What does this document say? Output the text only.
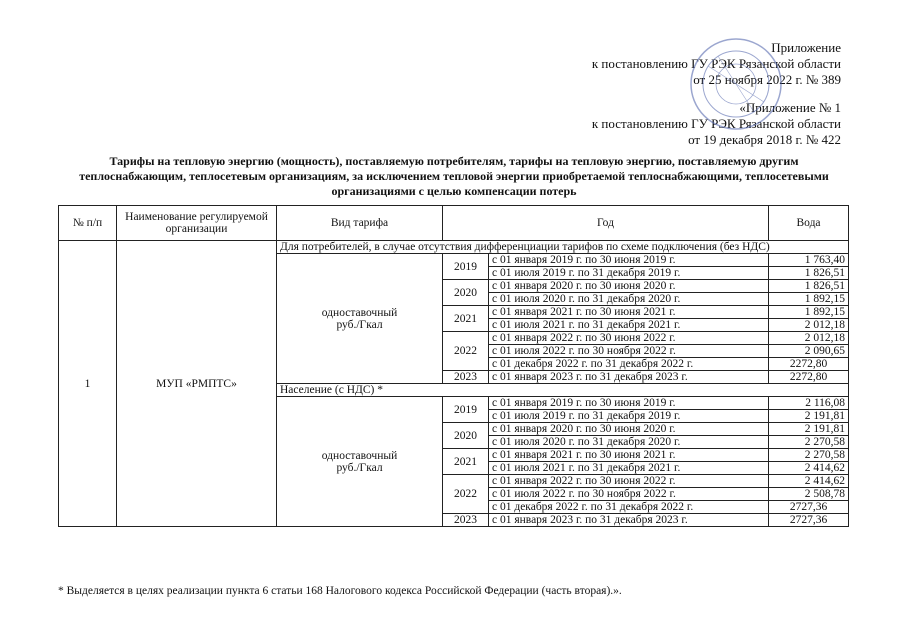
Приложение
к постановлению ГУ РЭК Рязанской области
от 25 ноября 2022 г. № 389
«Приложение № 1
к постановлению ГУ РЭК Рязанской области
от 19 декабря 2018 г. № 422
Тарифы на тепловую энергию (мощность), поставляемую потребителям, тарифы на тепловую энергию, поставляемую другим теплоснабжающим, теплосетевым организациям, за исключением тепловой энергии приобретаемой теплоснабжающими, теплосетевыми организациями с целью компенсации потерь
№ п/п	Наименование регулируемой организации	Вид тарифа	Год		Вода
1	МУП «РМПТС»	Для потребителей, в случае отсутствия дифференциации тарифов по схеме подключения (без НДС)			

		одноставочный
руб./Гкал	2019	с 01 января 2019 г. по 30 июня 2019 г.	1 763,40
				с 01 июля 2019 г. по 31 декабря 2019 г.	1 826,51
			2020	с 01 января 2020 г. по 30 июня 2020 г.	1 826,51
				с 01 июля 2020 г. по 31 декабря 2020 г.	1 892,15
			2021	с 01 января 2021 г. по 30 июня 2021 г.	1 892,15
				с 01 июля 2021 г. по 31 декабря 2021 г.	2 012,18
			2022	с 01 января 2022 г. по 30 июня 2022 г.	2 012,18
				с 01 июля 2022 г. по 30 ноября 2022 г.	2 090,65
				с 01 декабря 2022 г. по 31 декабря 2022 г.	2272,80
			2023	с 01 января 2023 г. по 31 декабря 2023 г.	2272,80
		Население (с НДС) *			

		одноставочный
руб./Гкал	2019	с 01 января 2019 г. по 30 июня 2019 г.	2 116,08
				с 01 июля 2019 г. по 31 декабря 2019 г.	2 191,81
			2020	с 01 января 2020 г. по 30 июня 2020 г.	2 191,81
				с 01 июля 2020 г. по 31 декабря 2020 г.	2 270,58
			2021	с 01 января 2021 г. по 30 июня 2021 г.	2 270,58
				с 01 июля 2021 г. по 31 декабря 2021 г.	2 414,62
			2022	с 01 января 2022 г. по 30 июня 2022 г.	2 414,62
				с 01 июля 2022 г. по 30 ноября 2022 г.	2 508,78
				с 01 декабря 2022 г. по 31 декабря 2022 г.	2727,36
			2023	с 01 января 2023 г. по 31 декабря 2023 г.	2727,36
* Выделяется в целях реализации пункта 6 статьи 168 Налогового кодекса Российской Федерации (часть вторая).».
